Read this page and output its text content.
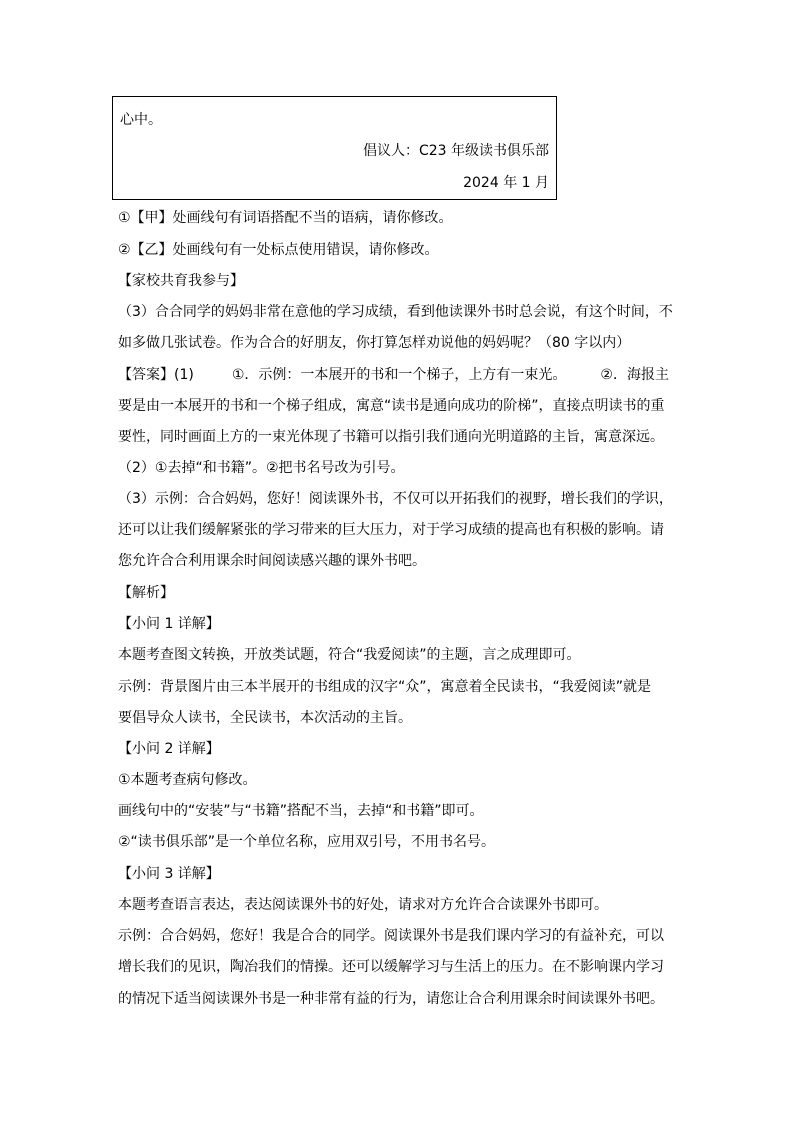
心中。
倡议人：C23 年级读书俱乐部
2024 年 1 月
①【甲】处画线句有词语搭配不当的语病，请你修改。
②【乙】处画线句有一处标点使用错误，请你修改。
【家校共育我参与】
（3）合合同学的妈妈非常在意他的学习成绩，看到他读课外书时总会说，有这个时间，不
如多做几张试卷。作为合合的好朋友，你打算怎样劝说他的妈妈呢？（80 字以内）
【答案】(1)	①．示例：一本展开的书和一个梯子，上方有一束光。 ②．海报主
要是由一本展开的书和一个梯子组成，寓意“读书是通向成功的阶梯”，直接点明读书的重
要性，同时画面上方的一束光体现了书籍可以指引我们通向光明道路的主旨，寓意深远。
（2）①去掉“和书籍”。②把书名号改为引号。
（3）示例：合合妈妈，您好！阅读课外书，不仅可以开拓我们的视野，增长我们的学识，
还可以让我们缓解紧张的学习带来的巨大压力，对于学习成绩的提高也有积极的影响。请
您允许合合利用课余时间阅读感兴趣的课外书吧。
【解析】
【小问 1 详解】
本题考查图文转换，开放类试题，符合“我爱阅读”的主题，言之成理即可。
示例：背景图片由三本半展开的书组成的汉字“众”，寓意着全民读书，“我爱阅读”就是
要倡导众人读书，全民读书，本次活动的主旨。
【小问 2 详解】
①本题考查病句修改。
画线句中的“安装”与“书籍”搭配不当，去掉“和书籍”即可。
②“读书俱乐部”是一个单位名称，应用双引号，不用书名号。
【小问 3 详解】
本题考查语言表达，表达阅读课外书的好处，请求对方允许合合读课外书即可。
示例：合合妈妈，您好！我是合合的同学。阅读课外书是我们课内学习的有益补充，可以
增长我们的见识，陶冶我们的情操。还可以缓解学习与生活上的压力。在不影响课内学习
的情况下适当阅读课外书是一种非常有益的行为，请您让合合利用课余时间读课外书吧。
